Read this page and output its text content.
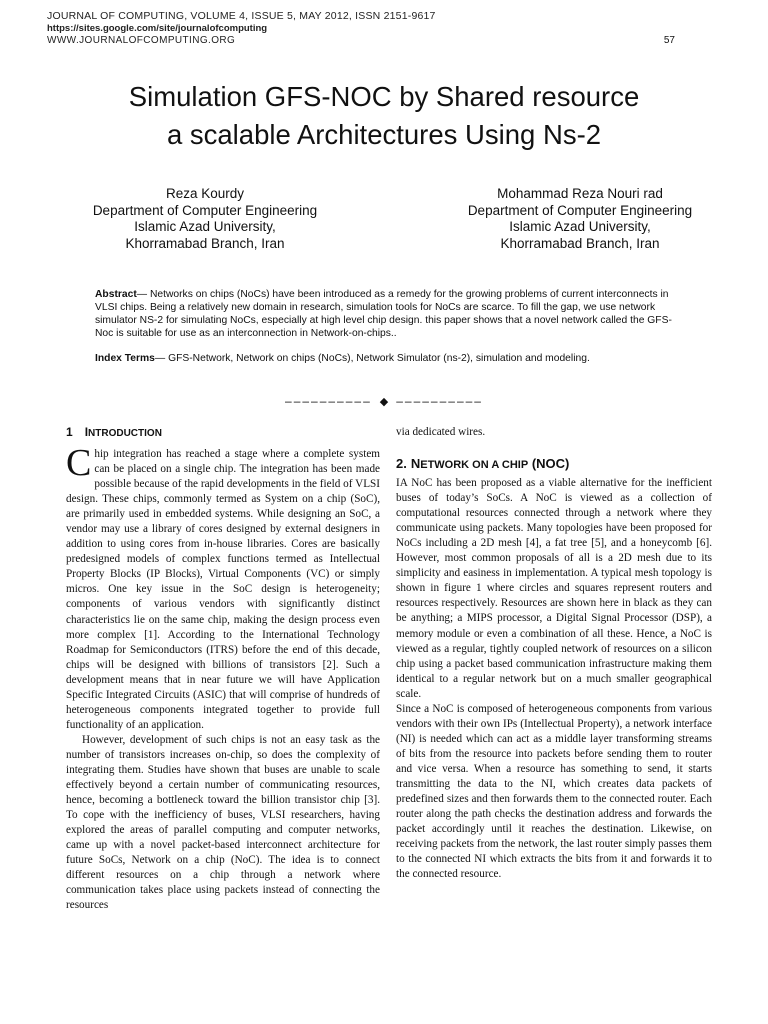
JOURNAL OF COMPUTING, VOLUME 4, ISSUE 5, MAY 2012, ISSN 2151-9617
https://sites.google.com/site/journalofcomputing
WWW.JOURNALOFCOMPUTING.ORG	57
Simulation GFS-NOC by Shared resource
a scalable Architectures Using Ns-2
Reza Kourdy
Department of Computer Engineering
Islamic Azad University,
Khorramabad Branch, Iran
Mohammad Reza Nouri rad
Department of Computer Engineering
Islamic Azad University,
Khorramabad Branch, Iran

Abstract— Networks on chips (NoCs) have been introduced as a remedy for the growing problems of current interconnects in VLSI chips. Being a relatively new domain in research, simulation tools for NoCs are scarce. To fill the gap, we use network simulator NS-2 for simulating NoCs, especially at high level chip design. this paper shows that a novel network called the GFS-Noc is suitable for use as an interconnection in Network-on-chips..

Index Terms— GFS-Network, Network on chips (NoCs), Network Simulator (ns-2), simulation and modeling.

–––––––––– ◆ ––––––––––
1 INTRODUCTION

Chip integration has reached a stage where a complete system can be placed on a single chip. The integration has been made possible because of the rapid developments in the field of VLSI design. These chips, commonly termed as System on a chip (SoC), are primarily used in embedded systems. While designing an SoC, a vendor may use a library of cores designed by external designers in addition to using cores from in-house libraries. Cores are basically predesigned models of complex functions termed as Intellectual Property Blocks (IP Blocks), Virtual Components (VC) or simply micros. One key issue in the SoC design is heterogeneity; components of various vendors with significantly distinct characteristics lie on the same chip, making the design process even more complex [1]. According to the International Technology Roadmap for Semiconductors (ITRS) before the end of this decade, chips will be designed with billions of transistors [2]. Such a development means that in near future we will have Application Specific Integrated Circuits (ASIC) that will comprise of hundreds of heterogeneous components integrated together to provide full functionality of an application.

However, development of such chips is not an easy task as the number of transistors increases on-chip, so does the complexity of integrating them. Studies have shown that buses are unable to scale effectively beyond a certain number of communicating resources, hence, becoming a bottleneck toward the billion transistor chip [3]. To cope with the inefficiency of buses, VLSI researchers, having explored the areas of parallel computing and computer networks, came up with a novel packet-based interconnect architecture for future SoCs, Network on a chip (NoC). The idea is to connect different resources on a chip through a network where communication takes place using packets instead of connecting the resources

via dedicated wires.

2. NETWORK ON A CHIP (NOC)

IA NoC has been proposed as a viable alternative for the inefficient buses of today’s SoCs. A NoC is viewed as a collection of computational resources connected through a network where they communicate using packets. Many topologies have been proposed for NoCs including a 2D mesh [4], a fat tree [5], and a honeycomb [6]. However, most common proposals of all is a 2D mesh due to its simplicity and easiness in implementation. A typical mesh topology is shown in figure 1 where circles and squares represent routers and resources respectively. Resources are shown here in black as they can be anything; a MIPS processor, a Digital Signal Processor (DSP), a memory module or even a combination of all these. Hence, a NoC is viewed as a regular, tightly coupled network of resources on a silicon chip using a packet based communication infrastructure making them identical to a regular network but on a much smaller geographical scale.

Since a NoC is composed of heterogeneous components from various vendors with their own IPs (Intellectual Property), a network interface (NI) is needed which can act as a middle layer transforming streams of bits from the resource into packets before sending them to router and vice versa. When a resource has something to send, it starts transmitting the data to the NI, which creates data packets of predefined sizes and then forwards them to the connected router. Each router along the path checks the destination address and forwards the packet accordingly until it reaches the destination. Likewise, on receiving packets from the network, the last router simply passes them to the connected NI which extracts the bits from it and forwards it to the connected resource.
